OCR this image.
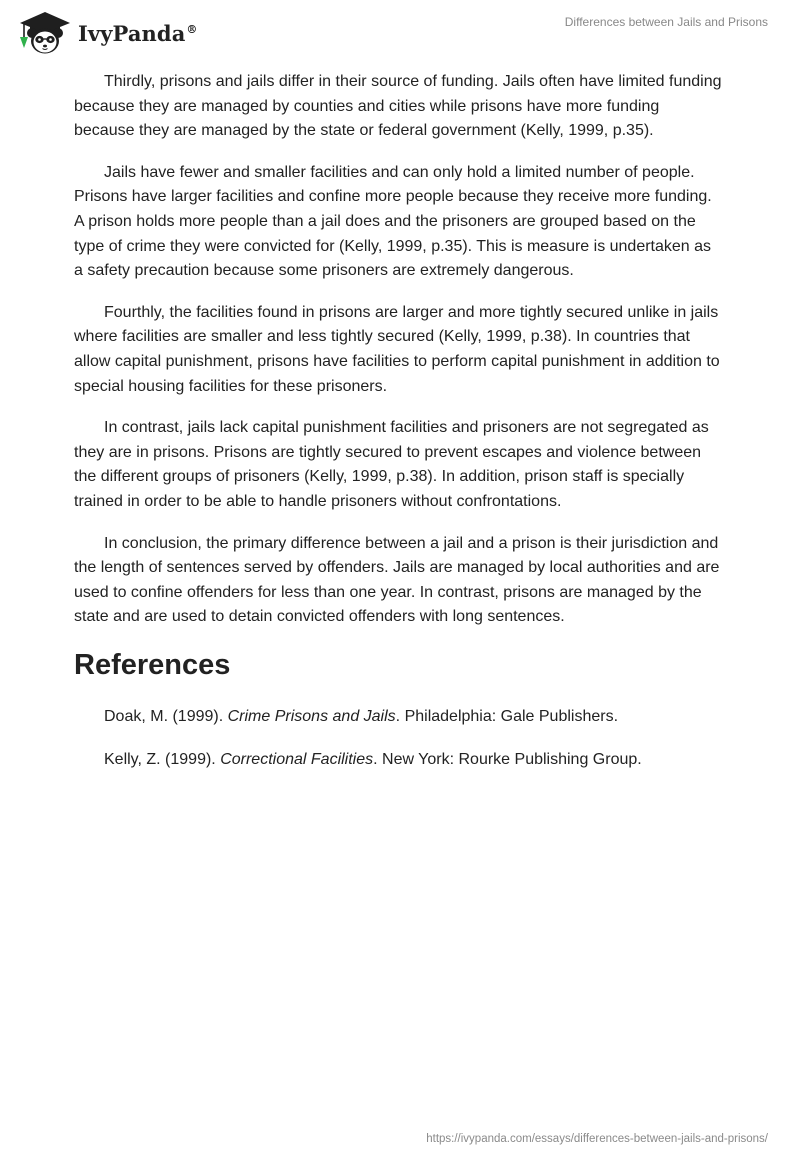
IvyPanda®
Differences between Jails and Prisons

Thirdly, prisons and jails differ in their source of funding. Jails often have limited funding because they are managed by counties and cities while prisons have more funding because they are managed by the state or federal government (Kelly, 1999, p.35).

Jails have fewer and smaller facilities and can only hold a limited number of people. Prisons have larger facilities and confine more people because they receive more funding. A prison holds more people than a jail does and the prisoners are grouped based on the type of crime they were convicted for (Kelly, 1999, p.35). This is measure is undertaken as a safety precaution because some prisoners are extremely dangerous.

Fourthly, the facilities found in prisons are larger and more tightly secured unlike in jails where facilities are smaller and less tightly secured (Kelly, 1999, p.38). In countries that allow capital punishment, prisons have facilities to perform capital punishment in addition to special housing facilities for these prisoners.

In contrast, jails lack capital punishment facilities and prisoners are not segregated as they are in prisons. Prisons are tightly secured to prevent escapes and violence between the different groups of prisoners (Kelly, 1999, p.38). In addition, prison staff is specially trained in order to be able to handle prisoners without confrontations.

In conclusion, the primary difference between a jail and a prison is their jurisdiction and the length of sentences served by offenders. Jails are managed by local authorities and are used to confine offenders for less than one year. In contrast, prisons are managed by the state and are used to detain convicted offenders with long sentences.

References

Doak, M. (1999). Crime Prisons and Jails. Philadelphia: Gale Publishers.

Kelly, Z. (1999). Correctional Facilities. New York: Rourke Publishing Group.

https://ivypanda.com/essays/differences-between-jails-and-prisons/
